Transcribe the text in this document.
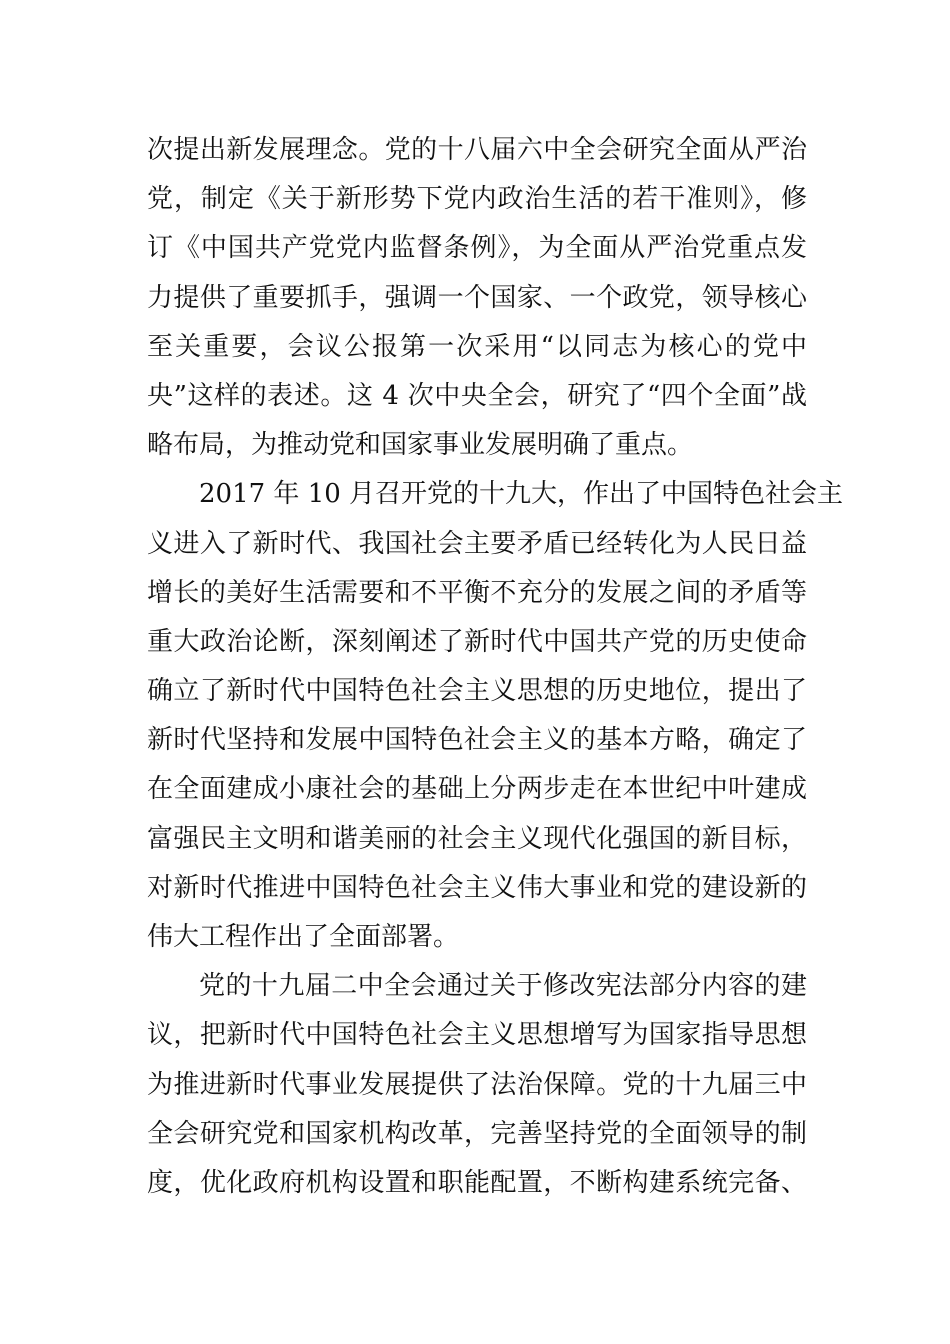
次提出新发展理念。党的十八届六中全会研究全面从严治
党，制定《关于新形势下党内政治生活的若干准则》，修
订《中国共产党党内监督条例》，为全面从严治党重点发
力提供了重要抓手，强调一个国家、一个政党，领导核心
至关重要，会议公报第一次采用“以同志为核心的党中
央”这样的表述。这 4 次中央全会，研究了“四个全面”战
略布局，为推动党和国家事业发展明确了重点。
2017 年 10 月召开党的十九大，作出了中国特色社会主
义进入了新时代、我国社会主要矛盾已经转化为人民日益
增长的美好生活需要和不平衡不充分的发展之间的矛盾等
重大政治论断，深刻阐述了新时代中国共产党的历史使命
确立了新时代中国特色社会主义思想的历史地位，提出了
新时代坚持和发展中国特色社会主义的基本方略，确定了
在全面建成小康社会的基础上分两步走在本世纪中叶建成
富强民主文明和谐美丽的社会主义现代化强国的新目标，
对新时代推进中国特色社会主义伟大事业和党的建设新的
伟大工程作出了全面部署。
党的十九届二中全会通过关于修改宪法部分内容的建
议，把新时代中国特色社会主义思想增写为国家指导思想
为推进新时代事业发展提供了法治保障。党的十九届三中
全会研究党和国家机构改革，完善坚持党的全面领导的制
度，优化政府机构设置和职能配置，不断构建系统完备、
